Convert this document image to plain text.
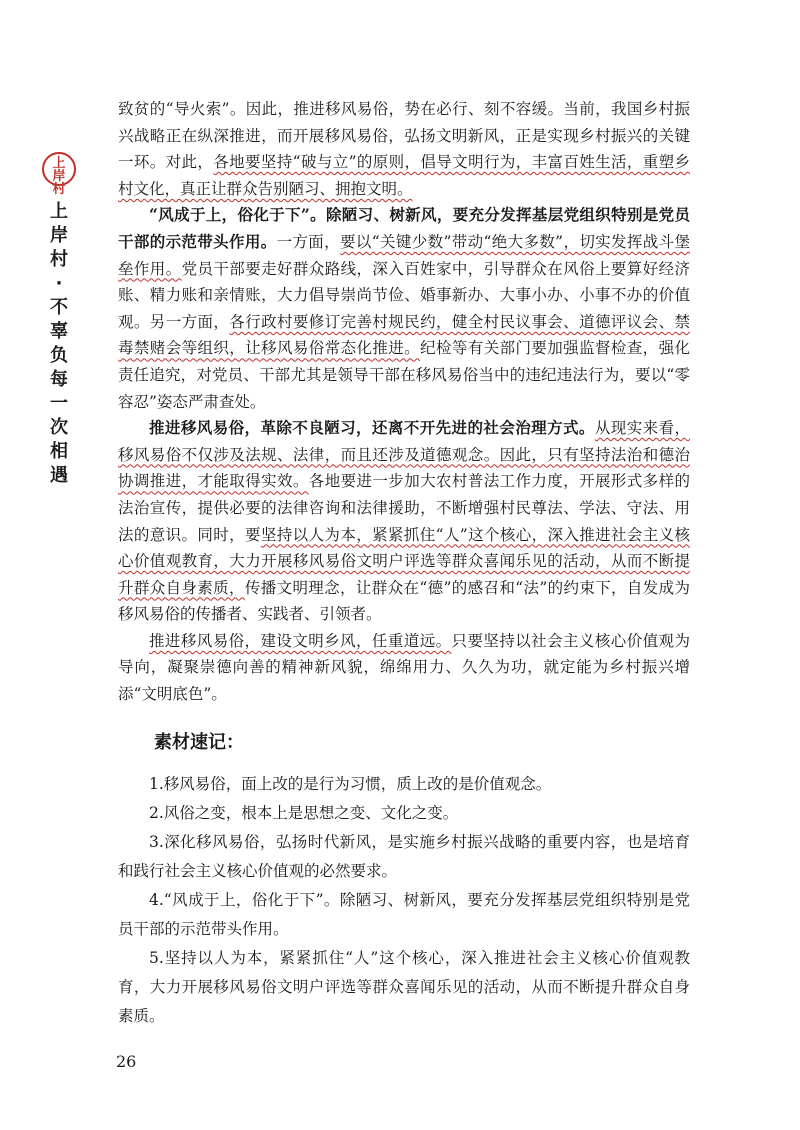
上岸村
上岸村·不辜负每一次相遇

致贫的“导火索”。因此，推进移风易俗，势在必行、刻不容缓。当前，我国乡村振兴战略正在纵深推进，而开展移风易俗，弘扬文明新风，正是实现乡村振兴的关键一环。对此，各地要坚持“破与立”的原则，倡导文明行为，丰富百姓生活，重塑乡村文化，真正让群众告别陋习、拥抱文明。

“风成于上，俗化于下”。除陋习、树新风，要充分发挥基层党组织特别是党员干部的示范带头作用。一方面，要以“关键少数”带动“绝大多数”，切实发挥战斗堡垒作用。党员干部要走好群众路线，深入百姓家中，引导群众在风俗上要算好经济账、精力账和亲情账，大力倡导崇尚节俭、婚事新办、大事小办、小事不办的价值观。另一方面，各行政村要修订完善村规民约，健全村民议事会、道德评议会、禁毒禁赌会等组织，让移风易俗常态化推进。纪检等有关部门要加强监督检查，强化责任追究，对党员、干部尤其是领导干部在移风易俗当中的违纪违法行为，要以“零容忍”姿态严肃查处。

推进移风易俗，革除不良陋习，还离不开先进的社会治理方式。从现实来看，移风易俗不仅涉及法规、法律，而且还涉及道德观念。因此，只有坚持法治和德治协调推进，才能取得实效。各地要进一步加大农村普法工作力度，开展形式多样的法治宣传，提供必要的法律咨询和法律援助，不断增强村民尊法、学法、守法、用法的意识。同时，要坚持以人为本，紧紧抓住“人”这个核心，深入推进社会主义核心价值观教育，大力开展移风易俗文明户评选等群众喜闻乐见的活动，从而不断提升群众自身素质，传播文明理念，让群众在“德”的感召和“法”的约束下，自发成为移风易俗的传播者、实践者、引领者。

推进移风易俗，建设文明乡风，任重道远。只要坚持以社会主义核心价值观为导向，凝聚崇德向善的精神新风貌，绵绵用力、久久为功，就定能为乡村振兴增添“文明底色”。

素材速记：

1.移风易俗，面上改的是行为习惯，质上改的是价值观念。

2.风俗之变，根本上是思想之变、文化之变。

3.深化移风易俗，弘扬时代新风，是实施乡村振兴战略的重要内容，也是培育和践行社会主义核心价值观的必然要求。

4.“风成于上，俗化于下”。除陋习、树新风，要充分发挥基层党组织特别是党员干部的示范带头作用。

5.坚持以人为本，紧紧抓住“人”这个核心，深入推进社会主义核心价值观教育，大力开展移风易俗文明户评选等群众喜闻乐见的活动，从而不断提升群众自身素质。

26
